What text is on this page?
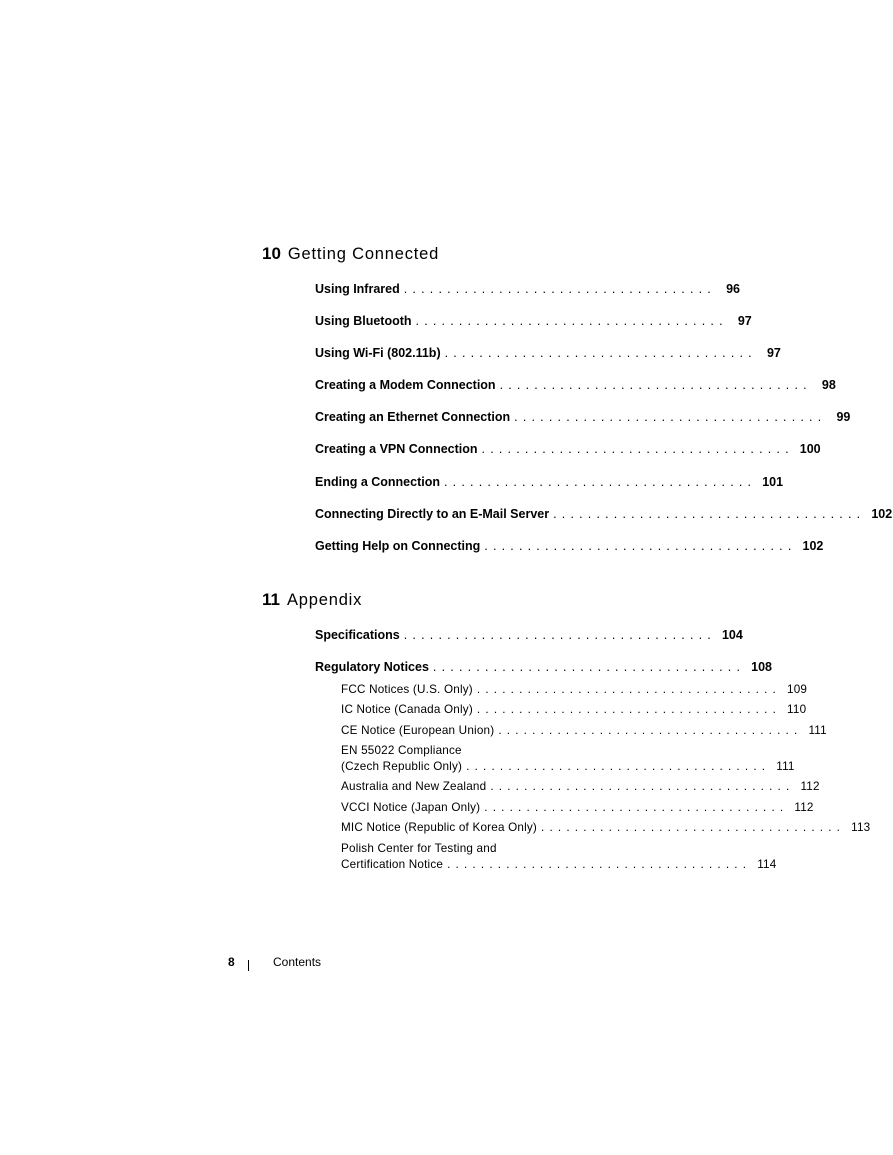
10 Getting Connected
Using Infrared .................................... 96
Using Bluetooth .................................... 97
Using Wi-Fi (802.11b) .................................... 97
Creating a Modem Connection .................................... 98
Creating an Ethernet Connection .................................... 99
Creating a VPN Connection .................................... 100
Ending a Connection .................................... 101
Connecting Directly to an E-Mail Server .................................... 102
Getting Help on Connecting .................................... 102
11 Appendix
Specifications .................................... 104
Regulatory Notices .................................... 108
FCC Notices (U.S. Only) .................................... 109
IC Notice (Canada Only) .................................... 110
CE Notice (European Union) .................................... 111
EN 55022 Compliance
(Czech Republic Only) .................................... 111
Australia and New Zealand .................................... 112
VCCI Notice (Japan Only) .................................... 112
MIC Notice (Republic of Korea Only) .................................... 113
Polish Center for Testing and
Certification Notice .................................... 114
8	Contents
